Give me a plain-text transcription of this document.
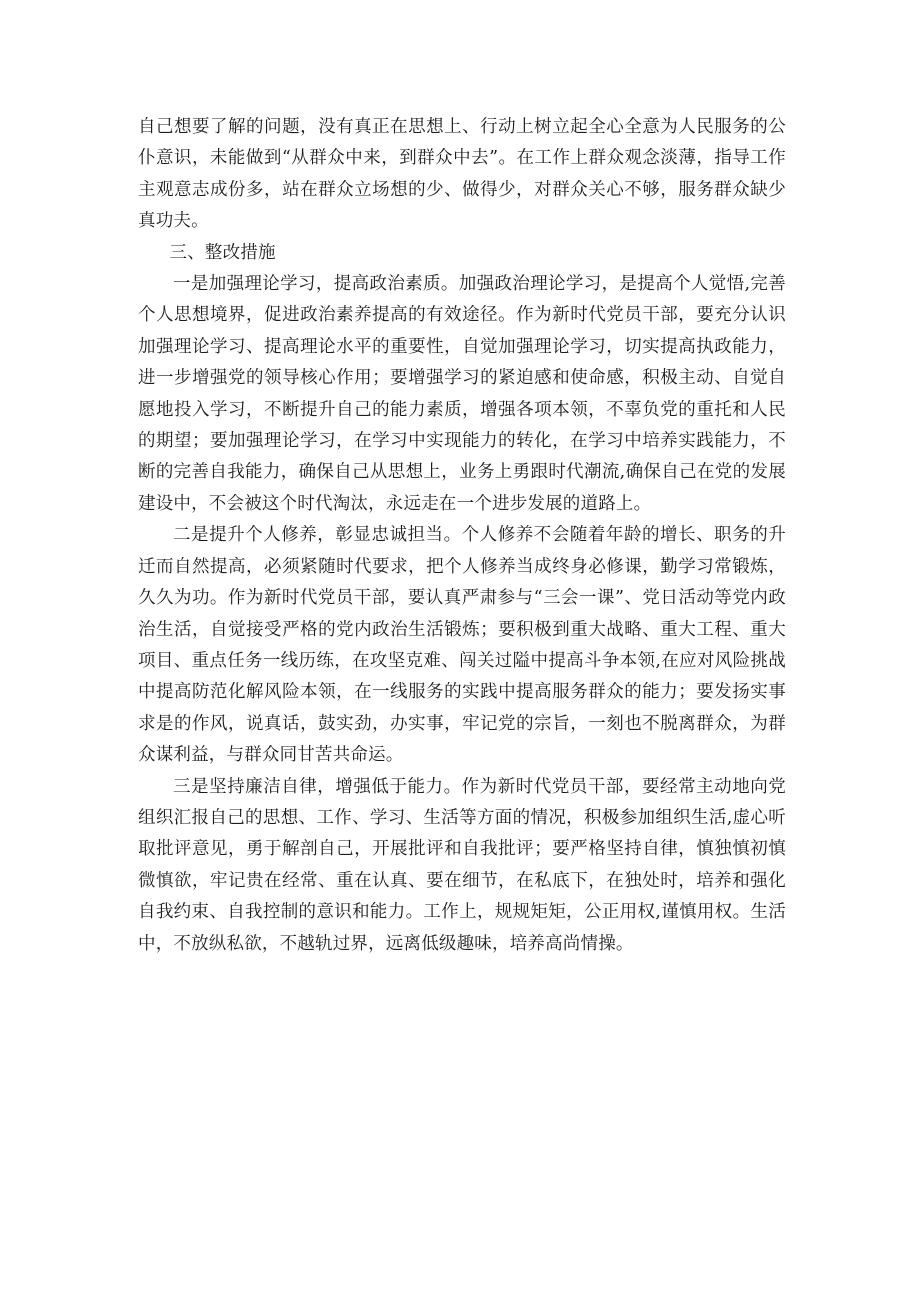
自己想要了解的问题，没有真正在思想上、行动上树立起全心全意为人民服务的公仆意识，未能做到“从群众中来，到群众中去”。在工作上群众观念淡薄，指导工作主观意志成份多，站在群众立场想的少、做得少，对群众关心不够，服务群众缺少真功夫。

三、整改措施

一是加强理论学习，提高政治素质。加强政治理论学习，是提高个人觉悟,完善个人思想境界，促进政治素养提高的有效途径。作为新时代党员干部，要充分认识加强理论学习、提高理论水平的重要性，自觉加强理论学习，切实提高执政能力，进一步增强党的领导核心作用；要增强学习的紧迫感和使命感，积极主动、自觉自愿地投入学习，不断提升自己的能力素质，增强各项本领，不辜负党的重托和人民的期望；要加强理论学习，在学习中实现能力的转化，在学习中培养实践能力，不断的完善自我能力，确保自己从思想上，业务上勇跟时代潮流,确保自己在党的发展建设中，不会被这个时代淘汰，永远走在一个进步发展的道路上。

二是提升个人修养，彰显忠诚担当。个人修养不会随着年龄的增长、职务的升迁而自然提高，必须紧随时代要求，把个人修养当成终身必修课，勤学习常锻炼，久久为功。作为新时代党员干部，要认真严肃参与“三会一课”、党日活动等党内政治生活，自觉接受严格的党内政治生活锻炼；要积极到重大战略、重大工程、重大项目、重点任务一线历练，在攻坚克难、闯关过隘中提高斗争本领,在应对风险挑战中提高防范化解风险本领，在一线服务的实践中提高服务群众的能力；要发扬实事求是的作风，说真话，鼓实劲，办实事，牢记党的宗旨，一刻也不脱离群众，为群众谋利益，与群众同甘苦共命运。

三是坚持廉洁自律，增强低于能力。作为新时代党员干部，要经常主动地向党组织汇报自己的思想、工作、学习、生活等方面的情况，积极参加组织生活,虚心听取批评意见，勇于解剖自己，开展批评和自我批评；要严格坚持自律，慎独慎初慎微慎欲，牢记贵在经常、重在认真、要在细节，在私底下，在独处时，培养和强化自我约束、自我控制的意识和能力。工作上，规规矩矩，公正用权,谨慎用权。生活中，不放纵私欲，不越轨过界，远离低级趣味，培养高尚情操。
